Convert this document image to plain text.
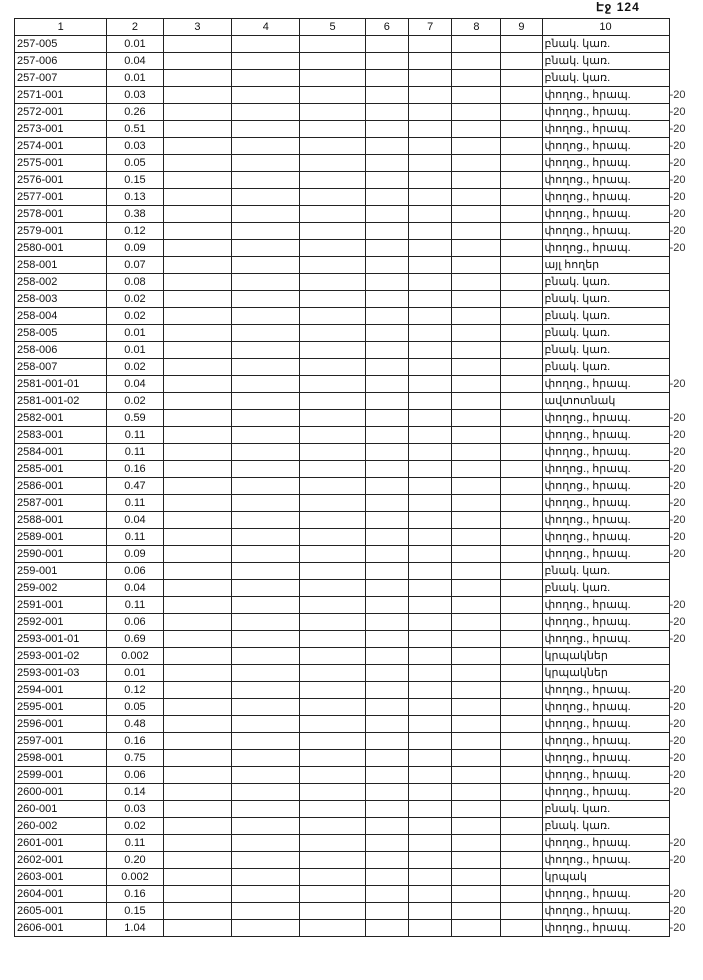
Էջ 124
1	2	3	4	5	6	7	8	9	10	
257-005	0.01								բնակ. կառ.	
257-006	0.04								բնակ. կառ.	
257-007	0.01								բնակ. կառ.	
2571-001	0.03								փողոց., հրապ.	-20
2572-001	0.26								փողոց., հրապ.	-20
2573-001	0.51								փողոց., հրապ.	-20
2574-001	0.03								փողոց., հրապ.	-20
2575-001	0.05								փողոց., հրապ.	-20
2576-001	0.15								փողոց., հրապ.	-20
2577-001	0.13								փողոց., հրապ.	-20
2578-001	0.38								փողոց., հրապ.	-20
2579-001	0.12								փողոց., հրապ.	-20
2580-001	0.09								փողոց., հրապ.	-20
258-001	0.07								այլ հողեր	
258-002	0.08								բնակ. կառ.	
258-003	0.02								բնակ. կառ.	
258-004	0.02								բնակ. կառ.	
258-005	0.01								բնակ. կառ.	
258-006	0.01								բնակ. կառ.	
258-007	0.02								բնակ. կառ.	
2581-001-01	0.04								փողոց., հրապ.	-20
2581-001-02	0.02								ավտոտնակ	
2582-001	0.59								փողոց., հրապ.	-20
2583-001	0.11								փողոց., հրապ.	-20
2584-001	0.11								փողոց., հրապ.	-20
2585-001	0.16								փողոց., հրապ.	-20
2586-001	0.47								փողոց., հրապ.	-20
2587-001	0.11								փողոց., հրապ.	-20
2588-001	0.04								փողոց., հրապ.	-20
2589-001	0.11								փողոց., հրապ.	-20
2590-001	0.09								փողոց., հրապ.	-20
259-001	0.06								բնակ. կառ.	
259-002	0.04								բնակ. կառ.	
2591-001	0.11								փողոց., հրապ.	-20
2592-001	0.06								փողոց., հրապ.	-20
2593-001-01	0.69								փողոց., հրապ.	-20
2593-001-02	0.002								կրպակներ	
2593-001-03	0.01								կրպակներ	
2594-001	0.12								փողոց., հրապ.	-20
2595-001	0.05								փողոց., հրապ.	-20
2596-001	0.48								փողոց., հրապ.	-20
2597-001	0.16								փողոց., հրապ.	-20
2598-001	0.75								փողոց., հրապ.	-20
2599-001	0.06								փողոց., հրապ.	-20
2600-001	0.14								փողոց., հրապ.	-20
260-001	0.03								բնակ. կառ.	
260-002	0.02								բնակ. կառ.	
2601-001	0.11								փողոց., հրապ.	-20
2602-001	0.20								փողոց., հրապ.	-20
2603-001	0.002								կրպակ	
2604-001	0.16								փողոց., հրապ.	-20
2605-001	0.15								փողոց., հրապ.	-20
2606-001	1.04								փողոց., հրապ.	-20
